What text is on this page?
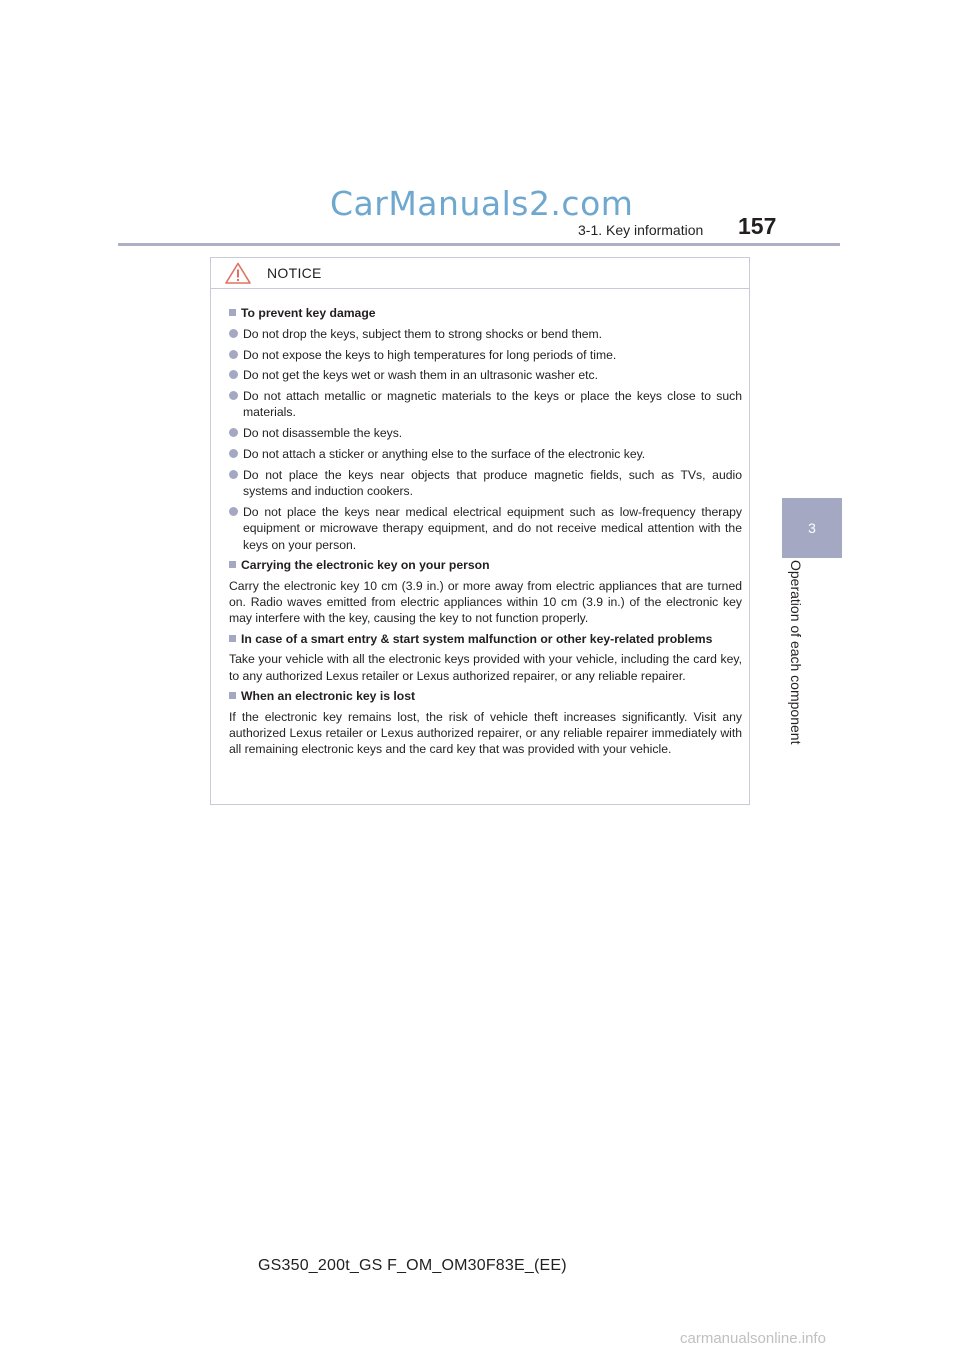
CarManuals2.com
3-1. Key information 157
3
Operation of each component
NOTICE
To prevent key damage
Do not drop the keys, subject them to strong shocks or bend them.
Do not expose the keys to high temperatures for long periods of time.
Do not get the keys wet or wash them in an ultrasonic washer etc.
Do not attach metallic or magnetic materials to the keys or place the keys close to such materials.
Do not disassemble the keys.
Do not attach a sticker or anything else to the surface of the electronic key.
Do not place the keys near objects that produce magnetic fields, such as TVs, audio systems and induction cookers.
Do not place the keys near medical electrical equipment such as low-frequency therapy equipment or microwave therapy equipment, and do not receive medical attention with the keys on your person.
Carrying the electronic key on your person
Carry the electronic key 10 cm (3.9 in.) or more away from electric appliances that are turned on. Radio waves emitted from electric appliances within 10 cm (3.9 in.) of the electronic key may interfere with the key, causing the key to not function properly.
In case of a smart entry & start system malfunction or other key-related problems
Take your vehicle with all the electronic keys provided with your vehicle, including the card key, to any authorized Lexus retailer or Lexus authorized repairer, or any reliable repairer.
When an electronic key is lost
If the electronic key remains lost, the risk of vehicle theft increases significantly. Visit any authorized Lexus retailer or Lexus authorized repairer, or any reliable repairer immediately with all remaining electronic keys and the card key that was provided with your vehicle.
GS350_200t_GS F_OM_OM30F83E_(EE)
carmanualsonline.info
